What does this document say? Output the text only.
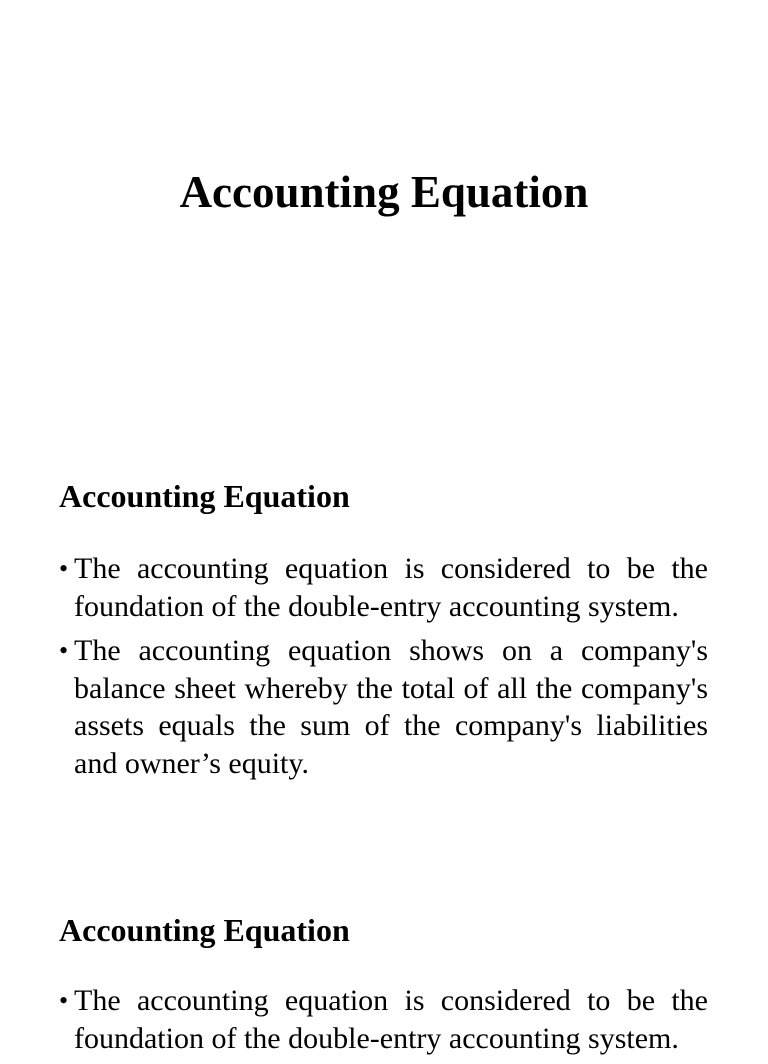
Accounting Equation
Accounting Equation
• The accounting equation is considered to be the foundation of the double-entry accounting system.
• The accounting equation shows on a company's balance sheet whereby the total of all the company's assets equals the sum of the company's liabilities and owner’s equity.
Accounting Equation
• The accounting equation is considered to be the foundation of the double-entry accounting system.
